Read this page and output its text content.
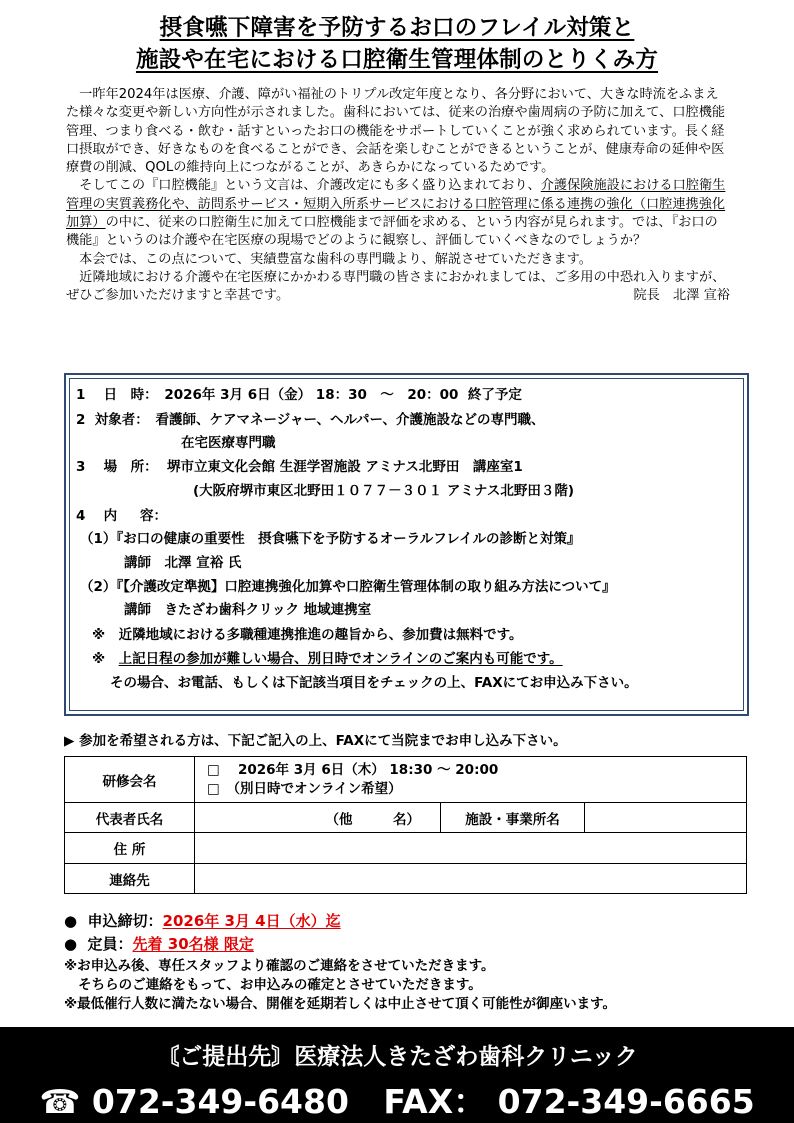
摂食嚥下障害を予防するお口のフレイル対策と
施設や在宅における口腔衛生管理体制のとりくみ方

　一昨年2024年は医療、介護、障がい福祉のトリプル改定年度となり、各分野において、大きな時流をふまえた様々な変更や新しい方向性が示されました。歯科においては、従来の治療や歯周病の予防に加えて、口腔機能管理、つまり食べる・飲む・話すといったお口の機能をサポートしていくことが強く求められています。長く経口摂取ができ、好きなものを食べることができ、会話を楽しむことができるということが、健康寿命の延伸や医療費の削減、QOLの維持向上につながることが、あきらかになっているためです。

　そしてこの『口腔機能』という文言は、介護改定にも多く盛り込まれており、介護保険施設における口腔衛生管理の実質義務化や、訪問系サービス・短期入所系サービスにおける口腔管理に係る連携の強化（口腔連携強化加算）の中に、従来の口腔衛生に加えて口腔機能まで評価を求める、という内容が見られます。では、『お口の機能』というのは介護や在宅医療の現場でどのように観察し、評価していくべきなのでしょうか？

　本会では、この点について、実績豊富な歯科の専門職より、解説させていただきます。

　近隣地域における介護や在宅医療にかかわる専門職の皆さまにおかれましては、ご多用の中恐れ入りますが、ぜひご参加いただけますと幸甚です。	院長　北澤 宣裕

1　 日　時：　2026年 3月 6日（金） 18：30　～　20：00  終了予定
2  対象者：　看護師、ケアマネージャー、ヘルパー、介護施設などの専門職、
在宅医療専門職
3　 場　所：  堺市立東文化会館 生涯学習施設 アミナス北野田　講座室1
(大阪府堺市東区北野田１０７７－３０１ アミナス北野田３階)
4　 内　  容：
（1）『お口の健康の重要性　摂食嚥下を予防するオーラルフレイルの診断と対策』
講師　北澤 宣裕 氏
（2）『【介護改定準拠】口腔連携強化加算や口腔衛生管理体制の取り組み方法について』
講師　きたざわ歯科クリック 地域連携室
※　近隣地域における多職種連携推進の趣旨から、参加費は無料です。
※　 上記日程の参加が難しい場合、別日時でオンラインのご案内も可能です。
その場合、お電話、もしくは下記該当項目をチェックの上、FAXにてお申込み下さい。
▶ 参加を希望される方は、下記ご記入の上、FAXにて当院までお申し込み下さい。
研修会名	□　 2026年 3月 6日（木） 18:30 ～ 20:00
□　（別日時でオンライン希望）		

代表者氏名	（他　　　名）	施設・事業所名	
住 所			
連絡先			
●  申込締切：2026年 3月 4日（水）迄
●  定員：先着 30名様 限定
※お申込み後、専任スタッフより確認のご連絡をさせていただきます。
そちらのご連絡をもって、お申込みの確定とさせていただきます。
※最低催行人数に満たない場合、開催を延期若しくは中止させて頂く可能性が御座います。
〘ご提出先〙医療法人きたざわ歯科クリニック
☎ 072-349-6480 FAX： 072-349-6665
